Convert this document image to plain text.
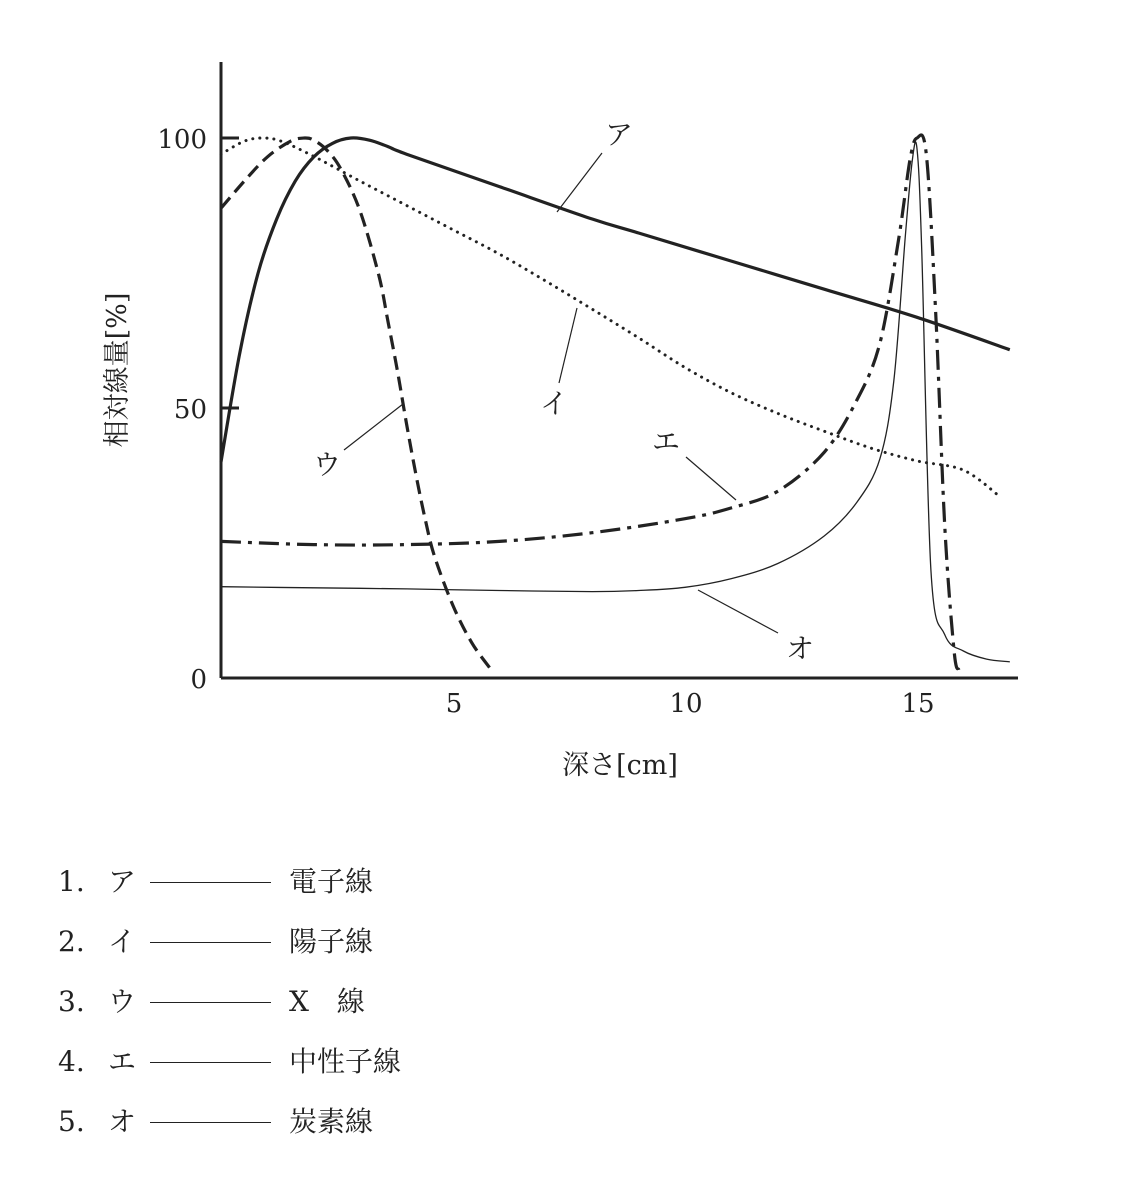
100
50
0
5	10	15
深さ[cm]
相対線量[%]
ア
イ
ウ
エ
オ
1. ア	電子線
2. イ	陽子線
3. ウ	X　線
4. エ	中性子線
5. オ	炭素線
